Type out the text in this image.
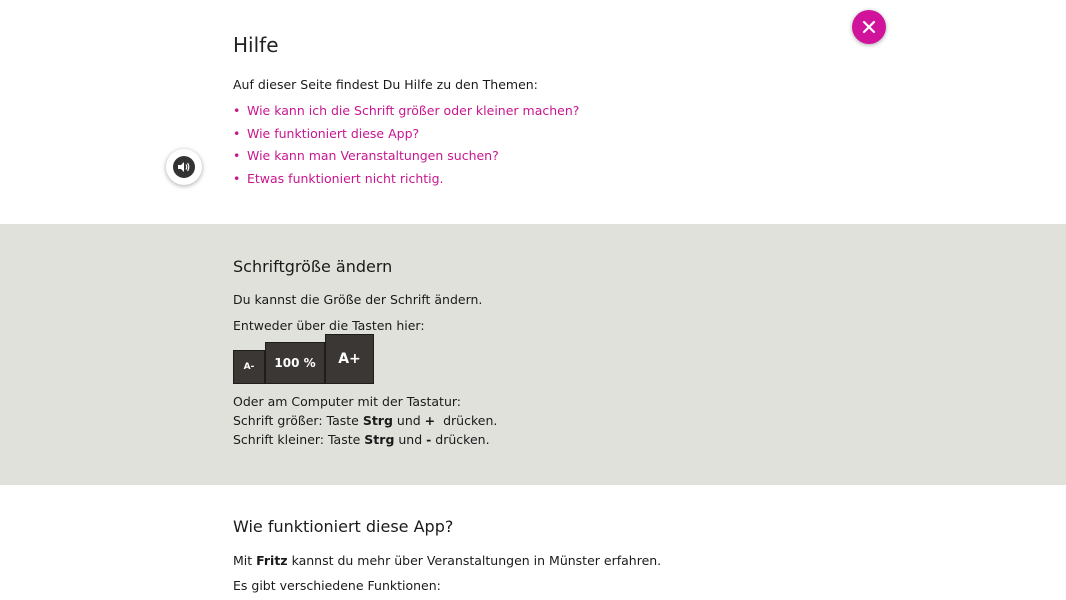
Hilfe
Auf dieser Seite findest Du Hilfe zu den Themen:
• Wie kann ich die Schrift größer oder kleiner machen?
• Wie funktioniert diese App?
• Wie kann man Veranstaltungen suchen?
• Etwas funktioniert nicht richtig.
Schriftgröße ändern
Du kannst die Größe der Schrift ändern.
Entweder über die Tasten hier:
A- 100 % A+
Oder am Computer mit der Tastatur:
Schrift größer: Taste Strg und +  drücken.
Schrift kleiner: Taste Strg und - drücken.
Wie funktioniert diese App?
Mit Fritz kannst du mehr über Veranstaltungen in Münster erfahren.
Es gibt verschiedene Funktionen:
